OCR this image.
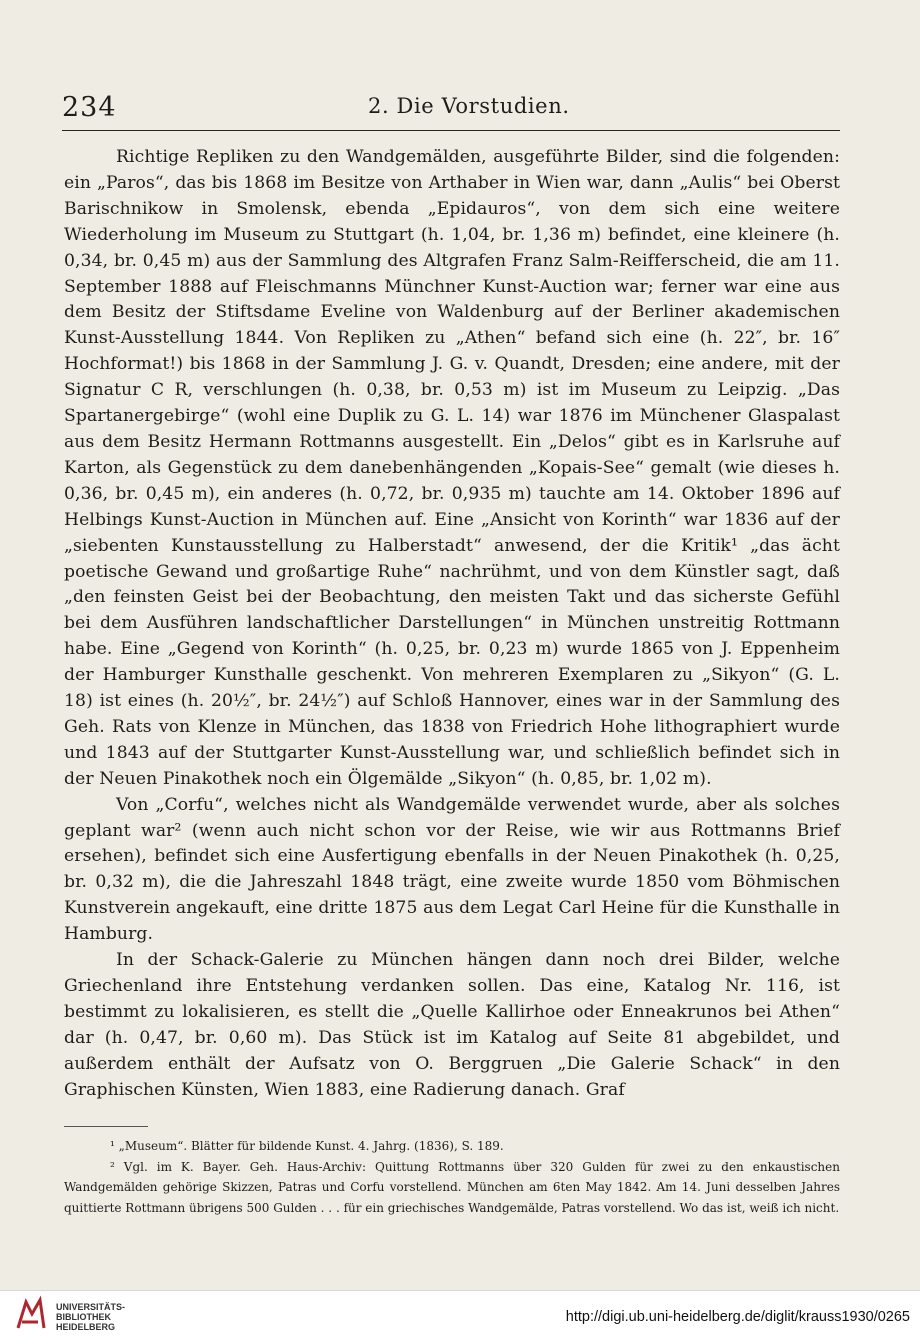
234	2. Die Vorstudien.

Richtige Repliken zu den Wandgemälden, ausgeführte Bilder, sind die folgenden: ein „Paros“, das bis 1868 im Besitze von Arthaber in Wien war, dann „Aulis“ bei Oberst Barischnikow in Smolensk, ebenda „Epidauros“, von dem sich eine weitere Wiederholung im Museum zu Stuttgart (h. 1,04, br. 1,36 m) befindet, eine kleinere (h. 0,34, br. 0,45 m) aus der Sammlung des Altgrafen Franz Salm-Reifferscheid, die am 11. September 1888 auf Fleischmanns Münchner Kunst-Auction war; ferner war eine aus dem Besitz der Stiftsdame Eveline von Waldenburg auf der Berliner akademischen Kunst-Ausstellung 1844. Von Repliken zu „Athen“ befand sich eine (h. 22″, br. 16″ Hochformat!) bis 1868 in der Sammlung J. G. v. Quandt, Dresden; eine andere, mit der Signatur C R, verschlungen (h. 0,38, br. 0,53 m) ist im Museum zu Leipzig. „Das Spartanergebirge“ (wohl eine Duplik zu G. L. 14) war 1876 im Münchener Glaspalast aus dem Besitz Hermann Rottmanns ausgestellt. Ein „Delos“ gibt es in Karlsruhe auf Karton, als Gegenstück zu dem danebenhängenden „Kopais-See“ gemalt (wie dieses h. 0,36, br. 0,45 m), ein anderes (h. 0,72, br. 0,935 m) tauchte am 14. Oktober 1896 auf Helbings Kunst-Auction in München auf. Eine „Ansicht von Korinth“ war 1836 auf der „siebenten Kunstausstellung zu Halberstadt“ anwesend, der die Kritik¹ „das ächt poetische Gewand und großartige Ruhe“ nachrühmt, und von dem Künstler sagt, daß „den feinsten Geist bei der Beobachtung, den meisten Takt und das sicherste Gefühl bei dem Ausführen landschaftlicher Darstellungen“ in München unstreitig Rottmann habe. Eine „Gegend von Korinth“ (h. 0,25, br. 0,23 m) wurde 1865 von J. Eppenheim der Hamburger Kunsthalle geschenkt. Von mehreren Exemplaren zu „Sikyon“ (G. L. 18) ist eines (h. 20½″, br. 24½″) auf Schloß Hannover, eines war in der Sammlung des Geh. Rats von Klenze in München, das 1838 von Friedrich Hohe lithographiert wurde und 1843 auf der Stuttgarter Kunst-Ausstellung war, und schließlich befindet sich in der Neuen Pinakothek noch ein Ölgemälde „Sikyon“ (h. 0,85, br. 1,02 m).

Von „Corfu“, welches nicht als Wandgemälde verwendet wurde, aber als solches geplant war² (wenn auch nicht schon vor der Reise, wie wir aus Rottmanns Brief ersehen), befindet sich eine Ausfertigung ebenfalls in der Neuen Pinakothek (h. 0,25, br. 0,32 m), die die Jahreszahl 1848 trägt, eine zweite wurde 1850 vom Böhmischen Kunstverein angekauft, eine dritte 1875 aus dem Legat Carl Heine für die Kunsthalle in Hamburg.

In der Schack-Galerie zu München hängen dann noch drei Bilder, welche Griechenland ihre Entstehung verdanken sollen. Das eine, Katalog Nr. 116, ist bestimmt zu lokalisieren, es stellt die „Quelle Kallirhoe oder Enneakrunos bei Athen“ dar (h. 0,47, br. 0,60 m). Das Stück ist im Katalog auf Seite 81 abgebildet, und außerdem enthält der Aufsatz von O. Berggruen „Die Galerie Schack“ in den Graphischen Künsten, Wien 1883, eine Radierung danach. Graf

¹ „Museum“. Blätter für bildende Kunst. 4. Jahrg. (1836), S. 189.

² Vgl. im K. Bayer. Geh. Haus-Archiv: Quittung Rottmanns über 320 Gulden für zwei zu den enkaustischen Wandgemälden gehörige Skizzen, Patras und Corfu vorstellend. München am 6ten May 1842. Am 14. Juni desselben Jahres quittierte Rottmann übrigens 500 Gulden . . . für ein griechisches Wandgemälde, Patras vorstellend. Wo das ist, weiß ich nicht.

UNIVERSITÄTS-
BIBLIOTHEK
HEIDELBERG
http://digi.ub.uni-heidelberg.de/diglit/krauss1930/0265
